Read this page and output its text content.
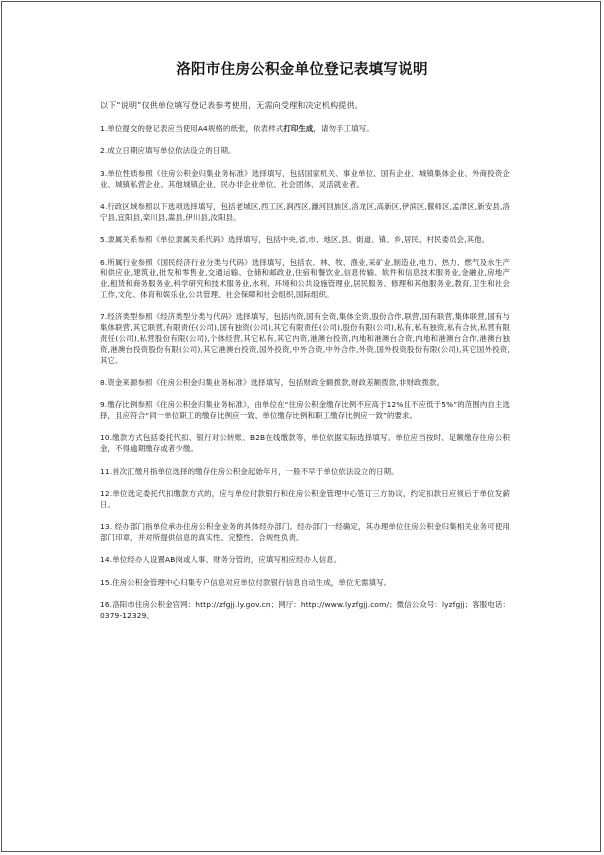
洛阳市住房公积金单位登记表填写说明

以下“说明”仅供单位填写登记表参考使用，无需向受理和决定机构提供。

1.单位提交的登记表应当使用A4规格的纸张，依表样式打印生成，请勿手工填写。
2.成立日期应填写单位依法设立的日期。
3.单位性质参照《住房公积金归集业务标准》选择填写，包括国家机关、事业单位、国有企业、城镇集体企业、外商投资企业、城镇私营企业、其他城镇企业、民办非企业单位、社会团体、灵活就业者。
4.行政区域参照以下选项选择填写，包括老城区,西工区,涧西区,瀍河回族区,洛龙区,高新区,伊滨区,偃师区,孟津区,新安县,洛宁县,宜阳县,栾川县,嵩县,伊川县,汝阳县。
5.隶属关系参照《单位隶属关系代码》选择填写，包括中央,省,市、地区,县、街道、镇、乡,居民、村民委员会,其他。
6.所属行业参照《国民经济行业分类与代码》选择填写，包括农、林、牧、渔业,采矿业,制造业,电力、热力、燃气及水生产和供应业,建筑业,批发和零售业,交通运输、仓储和邮政业,住宿和餐饮业,信息传输、软件和信息技术服务业,金融业,房地产业,租赁和商务服务业,科学研究和技术服务业,水利、环境和公共设施管理业,居民服务、修理和其他服务业,教育,卫生和社会工作,文化、体育和娱乐业,公共管理、社会保障和社会组织,国际组织。
7.经济类型参照《经济类型分类与代码》选择填写，包括内资,国有全资,集体全资,股份合作,联营,国有联营,集体联营,国有与集体联营,其它联营,有限责任(公司),国有独资(公司),其它有限责任(公司),股份有限(公司),私有,私有独资,私有合伙,私营有限责任(公司),私营股份有限(公司),个体经营,其它私有,其它内资,港澳台投资,内地和港澳台合资,内地和港澳台合作,港澳台独资,港澳台投资股份有限(公司),其它港澳台投资,国外投资,中外合资,中外合作,外资,国外投资股份有限(公司),其它国外投资,其它。
8.资金来源参照《住房公积金归集业务标准》选择填写，包括财政全额拨款,财政差额拨款,非财政拨款。
9.缴存比例参照《住房公积金归集业务标准》，由单位在“住房公积金缴存比例不应高于12%且不应低于5%”的范围内自主选择，且应符合“同一单位职工的缴存比例应一致、单位缴存比例和职工缴存比例应一致”的要求。
10.缴款方式包括委托代扣、银行对公转账、B2B在线缴款等，单位依据实际选择填写。单位应当按时、足额缴存住房公积金，不得逾期缴存或者少缴。
11.首次汇缴月指单位选择的缴存住房公积金起始年月，一般不早于单位依法设立的日期。
12.单位选定委托代扣缴款方式的，应与单位付款银行和住房公积金管理中心签订三方协议，约定扣款日应须后于单位发薪日。
13. 经办部门指单位承办住房公积金业务的具体经办部门。经办部门一经确定，其办理单位住房公积金归集相关业务可使用部门印章，并对所提供信息的真实性、完整性、合规性负责。
14.单位经办人设置AB岗或人事、财务分管的，应填写相应经办人信息。
15.住房公积金管理中心归集专户信息对应单位付款银行信息自动生成，单位无需填写。
16.洛阳市住房公积金官网：http://zfgjj.ly.gov.cn；网厅：http://www.lyzfgjj.com/；微信公众号：lyzfgjj；客服电话：0379-12329。
